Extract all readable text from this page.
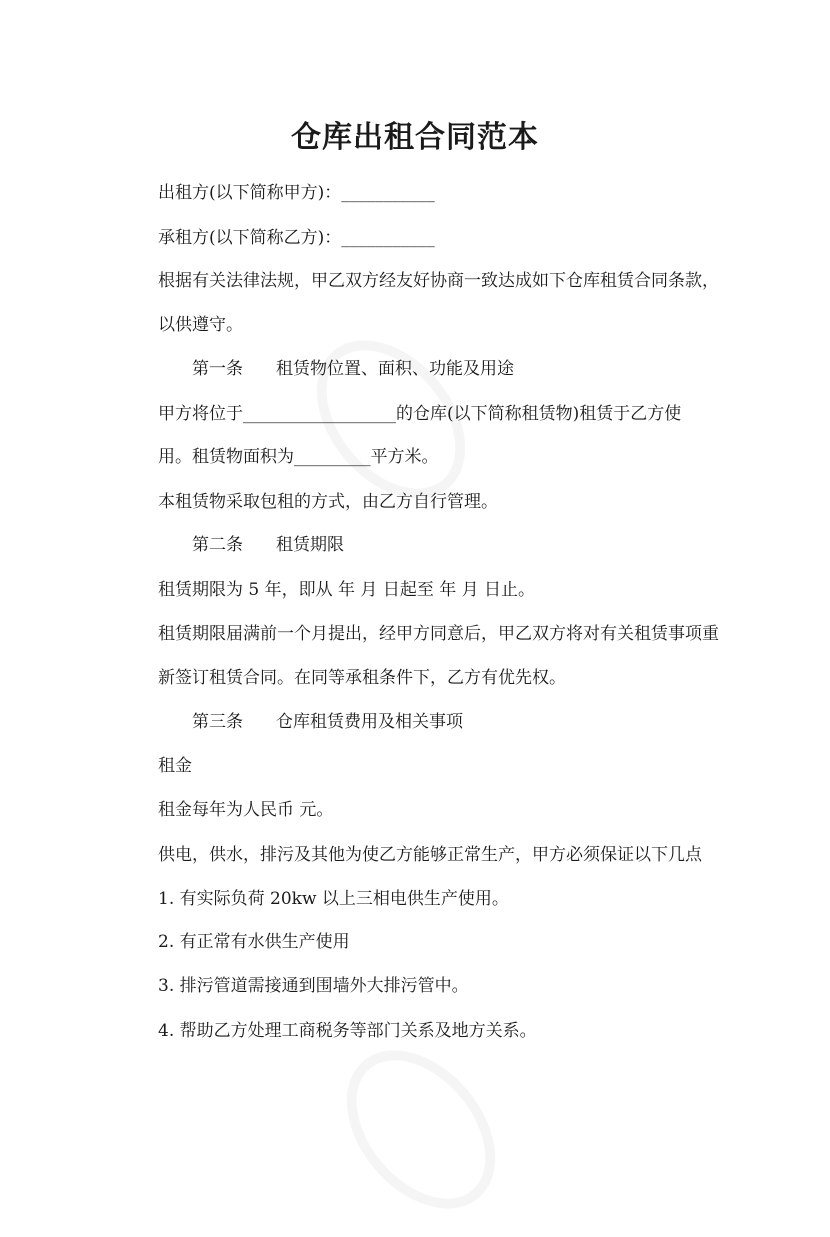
仓库出租合同范本
出租方(以下简称甲方)：___________
承租方(以下简称乙方)：___________
根据有关法律法规，甲乙双方经友好协商一致达成如下仓库租赁合同条款，
以供遵守。
第一条 租赁物位置、面积、功能及用途
甲方将位于__________________的仓库(以下简称租赁物)租赁于乙方使
用。租赁物面积为_________平方米。
本租赁物采取包租的方式，由乙方自行管理。
第二条 租赁期限
租赁期限为 5 年，即从 年 月 日起至 年 月 日止。
租赁期限届满前一个月提出，经甲方同意后，甲乙双方将对有关租赁事项重
新签订租赁合同。在同等承租条件下，乙方有优先权。
第三条 仓库租赁费用及相关事项
租金
租金每年为人民币 元。
供电，供水，排污及其他为使乙方能够正常生产，甲方必须保证以下几点
1. 有实际负荷 20kw 以上三相电供生产使用。
2. 有正常有水供生产使用
3. 排污管道需接通到围墙外大排污管中。
4. 帮助乙方处理工商税务等部门关系及地方关系。
